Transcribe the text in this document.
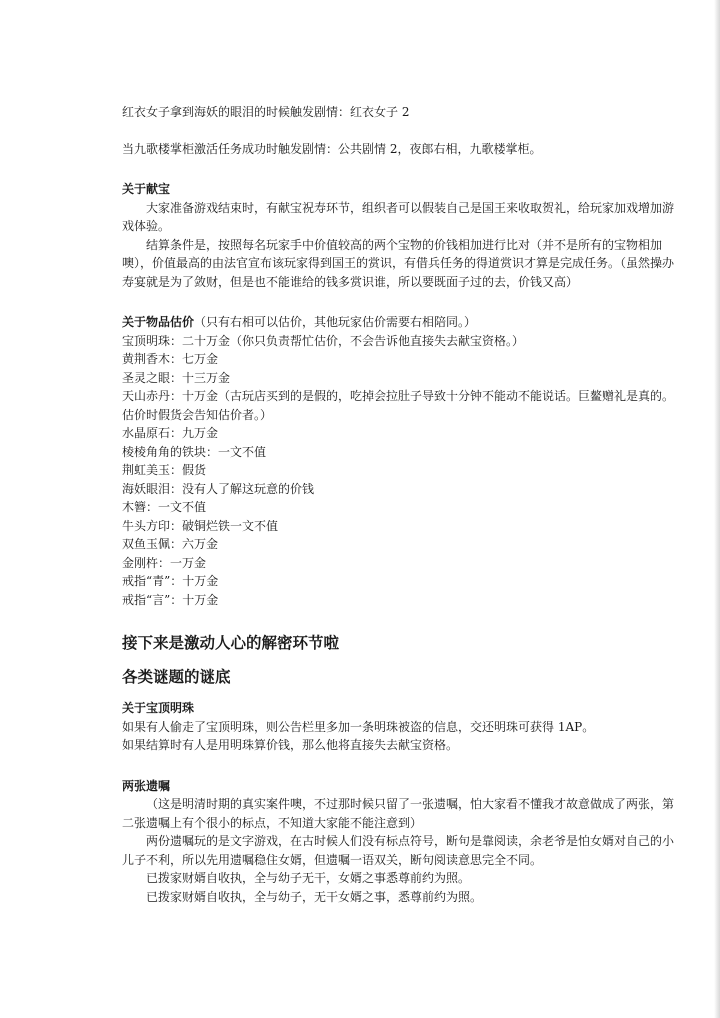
红衣女子拿到海妖的眼泪的时候触发剧情：红衣女子 2

当九歌楼掌柜激活任务成功时触发剧情：公共剧情 2，夜郎右相，九歌楼掌柜。

关于献宝

大家准备游戏结束时，有献宝祝寿环节，组织者可以假装自己是国王来收取贺礼，给玩家加戏增加游戏体验。

结算条件是，按照每名玩家手中价值较高的两个宝物的价钱相加进行比对（并不是所有的宝物相加噢），价值最高的由法官宣布该玩家得到国王的赏识，有借兵任务的得道赏识才算是完成任务。（虽然操办寿宴就是为了敛财，但是也不能谁给的钱多赏识谁，所以要既面子过的去，价钱又高）

关于物品估价（只有右相可以估价，其他玩家估价需要右相陪同。）

宝顶明珠：二十万金（你只负责帮忙估价，不会告诉他直接失去献宝资格。）

黄荆香木：七万金

圣灵之眼：十三万金

天山赤丹：十万金（古玩店买到的是假的，吃掉会拉肚子导致十分钟不能动不能说话。巨鳌赠礼是真的。估价时假货会告知估价者。）

水晶原石：九万金

棱棱角角的铁块：一文不值

荆虹美玉：假货

海妖眼泪：没有人了解这玩意的价钱

木簪：一文不值

牛头方印：破铜烂铁一文不值

双鱼玉佩：六万金

金刚杵：一万金

戒指“青”：十万金

戒指“言”：十万金

接下来是激动人心的解密环节啦

各类谜题的谜底

关于宝顶明珠

如果有人偷走了宝顶明珠，则公告栏里多加一条明珠被盗的信息，交还明珠可获得 1AP。

如果结算时有人是用明珠算价钱，那么他将直接失去献宝资格。

两张遗嘱

（这是明清时期的真实案件噢，不过那时候只留了一张遗嘱，怕大家看不懂我才故意做成了两张，第二张遗嘱上有个很小的标点，不知道大家能不能注意到）

两份遗嘱玩的是文字游戏，在古时候人们没有标点符号，断句是靠阅读，余老爷是怕女婿对自己的小儿子不利，所以先用遗嘱稳住女婿，但遗嘱一语双关，断句阅读意思完全不同。

已拨家财婿自收执，全与幼子无干，女婿之事悉尊前约为照。

已拨家财婿自收执，全与幼子，无干女婿之事，悉尊前约为照。
